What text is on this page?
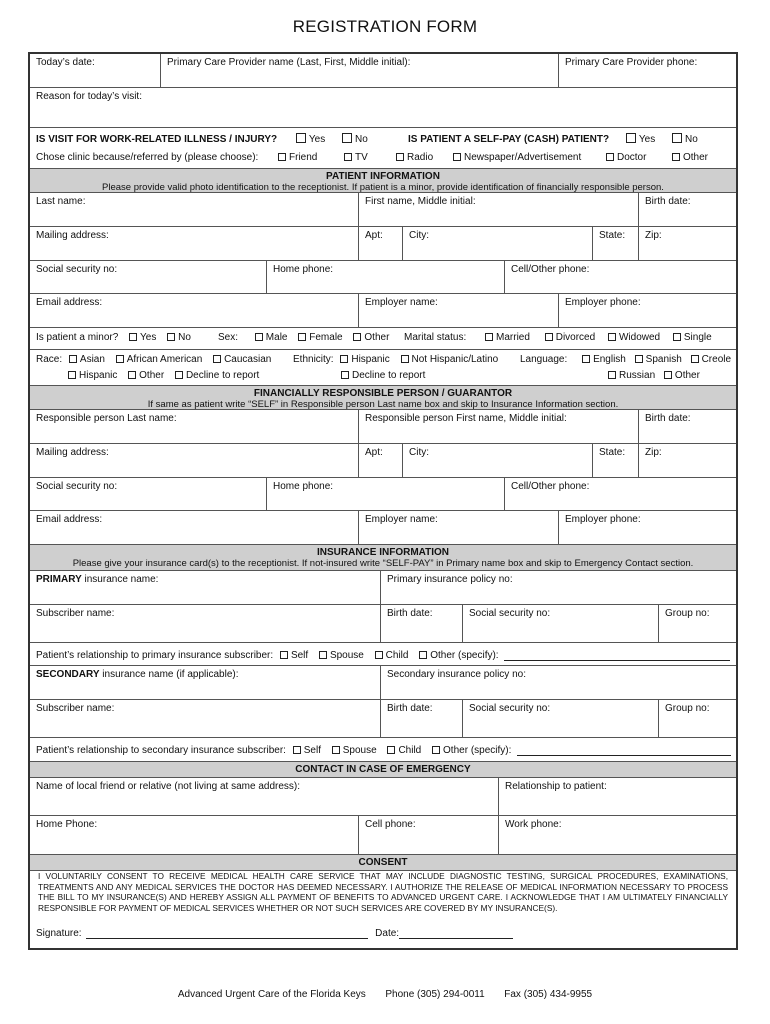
REGISTRATION FORM
Today’s date:	Primary Care Provider name (Last, First, Middle initial):	Primary Care Provider phone:
Reason for today’s visit:
IS VISIT FOR WORK-RELATED ILLNESS / INJURY?	Yes	No	IS PATIENT A SELF-PAY (CASH) PATIENT?	Yes	No
Chose clinic because/referred by (please choose):	Friend	TV	Radio	Newspaper/Advertisement	Doctor	Other
PATIENT INFORMATION
Please provide valid photo identification to the receptionist. If patient is a minor, provide identification of financially responsible person.
Last name:	First name, Middle initial:	Birth date:
Mailing address:	Apt:	City:	State:	Zip:
Social security no:	Home phone:	Cell/Other phone:
Email address:	Employer name:	Employer phone:
Is patient a minor? Yes No	Sex:	Male Female Other Marital status:	Married	Divorced Widowed Single
Race: Asian African American Caucasian
Hispanic Other Decline to report
Ethnicity: Hispanic Not Hispanic/Latino
Decline to report
Language:	English Spanish Creole
Russian Other
FINANCIALLY RESPONSIBLE PERSON / GUARANTOR
If same as patient write “SELF” in Responsible person Last name box and skip to Insurance Information section.
Responsible person Last name:	Responsible person First name, Middle initial:	Birth date:
Mailing address:	Apt:	City:	State:	Zip:
Social security no:	Home phone:	Cell/Other phone:
Email address:	Employer name:	Employer phone:
INSURANCE INFORMATION
Please give your insurance card(s) to the receptionist. If not-insured write “SELF-PAY” in Primary name box and skip to Emergency Contact section.
PRIMARY insurance name:	Primary insurance policy no:
Subscriber name:	Birth date:	Social security no:	Group no:
Patient’s relationship to primary insurance subscriber: Self Spouse Child Other (specify):
SECONDARY insurance name (if applicable):	Secondary insurance policy no:
Subscriber name:	Birth date:	Social security no:	Group no:
Patient’s relationship to secondary insurance subscriber: Self Spouse Child Other (specify):
CONTACT IN CASE OF EMERGENCY
Name of local friend or relative (not living at same address):	Relationship to patient:
Home Phone:	Cell phone:	Work phone:
CONSENT
I VOLUNTARILY CONSENT TO RECEIVE MEDICAL HEALTH CARE SERVICE THAT MAY INCLUDE DIAGNOSTIC TESTING, SURGICAL PROCEDURES, EXAMINATIONS, TREATMENTS AND ANY MEDICAL SERVICES THE DOCTOR HAS DEEMED NECESSARY. I AUTHORIZE THE RELEASE OF MEDICAL INFORMATION NECESSARY TO PROCESS THE BILL TO MY INSURANCE(S) AND HEREBY ASSIGN ALL PAYMENT OF BENEFITS TO ADVANCED URGENT CARE. I ACKNOWLEDGE THAT I AM ULTIMATELY FINANCIALLY RESPONSIBLE FOR PAYMENT OF MEDICAL SERVICES WHETHER OR NOT SUCH SERVICES ARE COVERED BY MY INSURANCE(S).
Signature:	Date:
Advanced Urgent Care of the Florida Keys Phone (305) 294-0011 Fax (305) 434-9955
